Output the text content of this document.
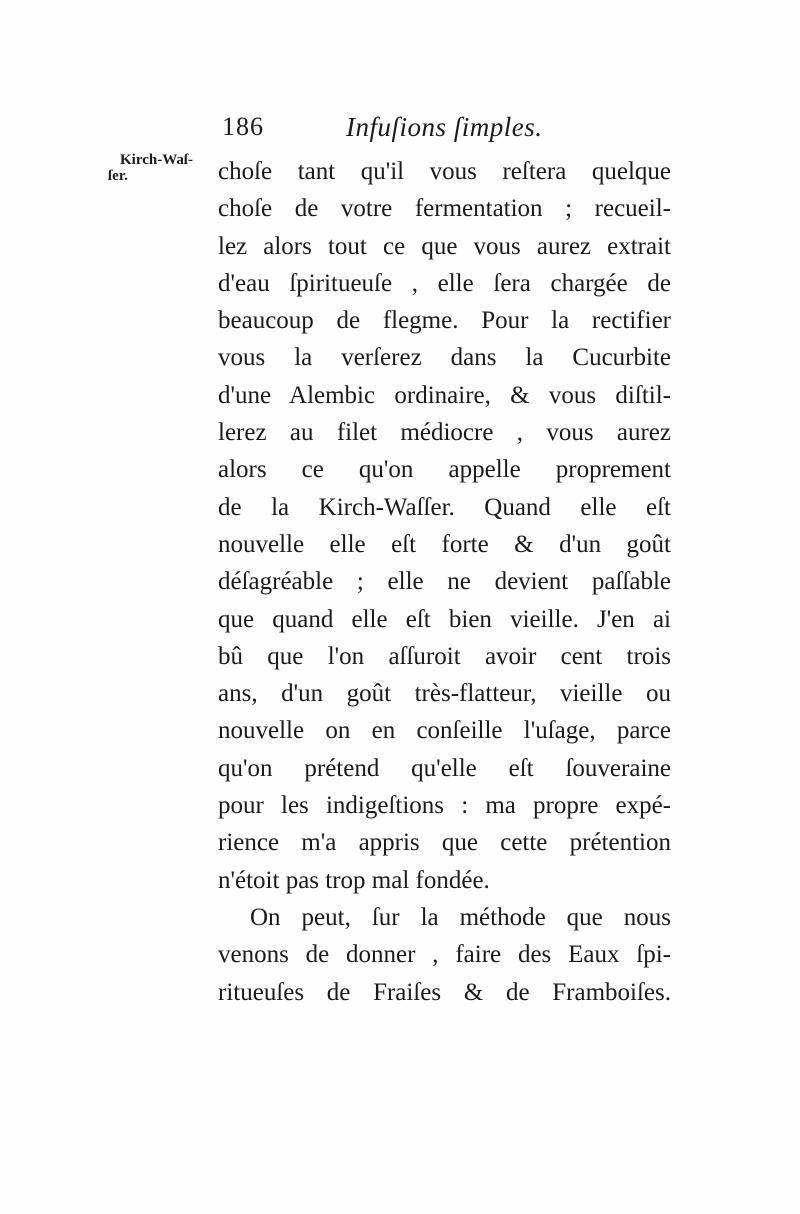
186	Infuſions ſimples.
Kirch-Waſ-
ſer.	choſe tant qu'il vous reſtera quelque
choſe de votre fermentation ; recueil-
lez alors tout ce que vous aurez extrait
d'eau ſpiritueuſe , elle ſera chargée de
beaucoup de flegme. Pour la rectifier
vous la verſerez dans la Cucurbite
d'une Alembic ordinaire, & vous diſtil-
lerez au filet médiocre , vous aurez
alors ce qu'on appelle proprement
de la Kirch-Waſſer. Quand elle eſt
nouvelle elle eſt forte & d'un goût
déſagréable ; elle ne devient paſſable
que quand elle eſt bien vieille. J'en ai
bû que l'on aſſuroit avoir cent trois
ans, d'un goût très-flatteur, vieille ou
nouvelle on en conſeille l'uſage, parce
qu'on prétend qu'elle eſt ſouveraine
pour les indigeſtions : ma propre expé-
rience m'a appris que cette prétention
n'étoit pas trop mal fondée.
On peut, ſur la méthode que nous
venons de donner , faire des Eaux ſpi-
ritueuſes de Fraiſes & de Framboiſes.
